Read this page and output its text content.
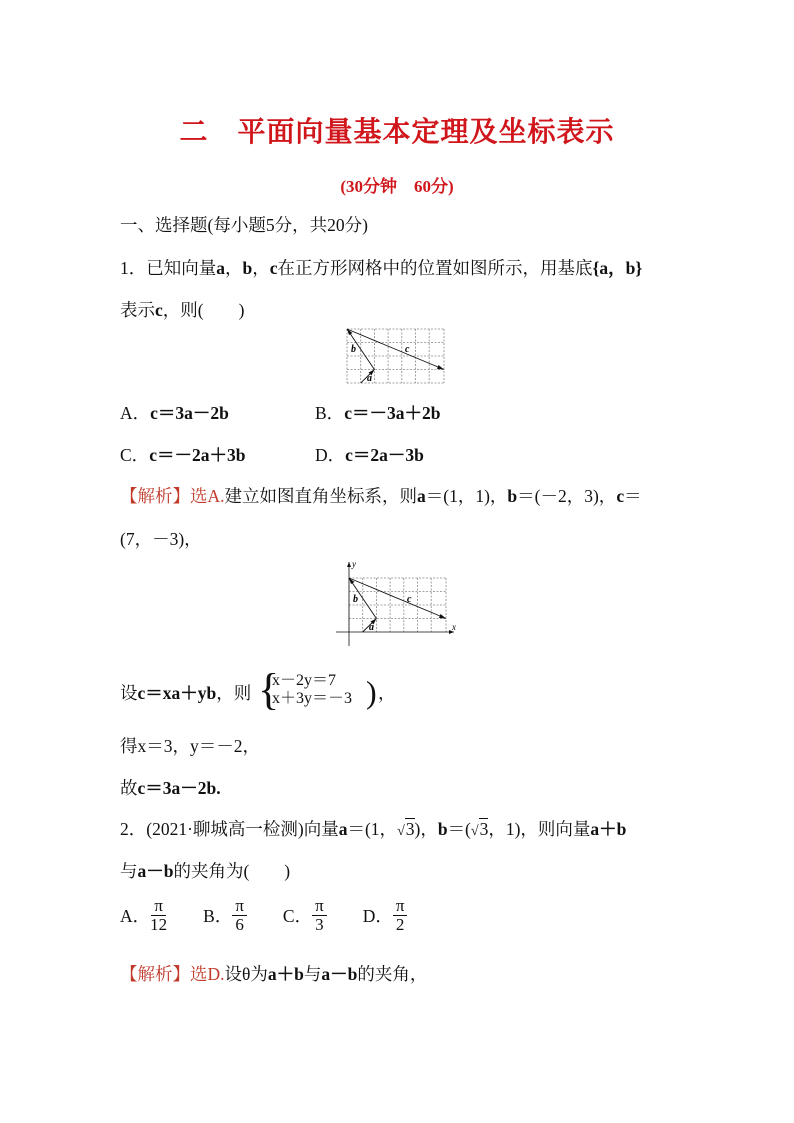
二　平面向量基本定理及坐标表示
(30分钟　60分)
一、选择题(每小题5分，共20分)
1．已知向量a，b，c在正方形网格中的位置如图所示，用基底{a，b}
表示c，则(　　)
b	c
a
A．c＝3a－2b	B．c＝－3a＋2b
C．c＝－2a＋3b	D．c＝2a－3b
【解析】选A.建立如图直角坐标系，则a＝(1，1)，b＝(－2，3)，c＝
(7，－3)，
b	c
a	x
y
设c＝xa＋yb，则 {
x－2y＝7
x＋3y＝－3 ) ，
得x＝3，y＝－2，
故c＝3a－2b.
2．(2021·聊城高一检测)向量a＝(1，√3)，b＝(√3，1)，则向量a＋b
与a－b的夹角为(　　)
A． $\frac{\pi}{12}$ B． $\frac{\pi}{6}$ C． $\frac{\pi}{3}$ D． $\frac{\pi}{2}$
【解析】选D.设θ为a＋b与a－b的夹角，
